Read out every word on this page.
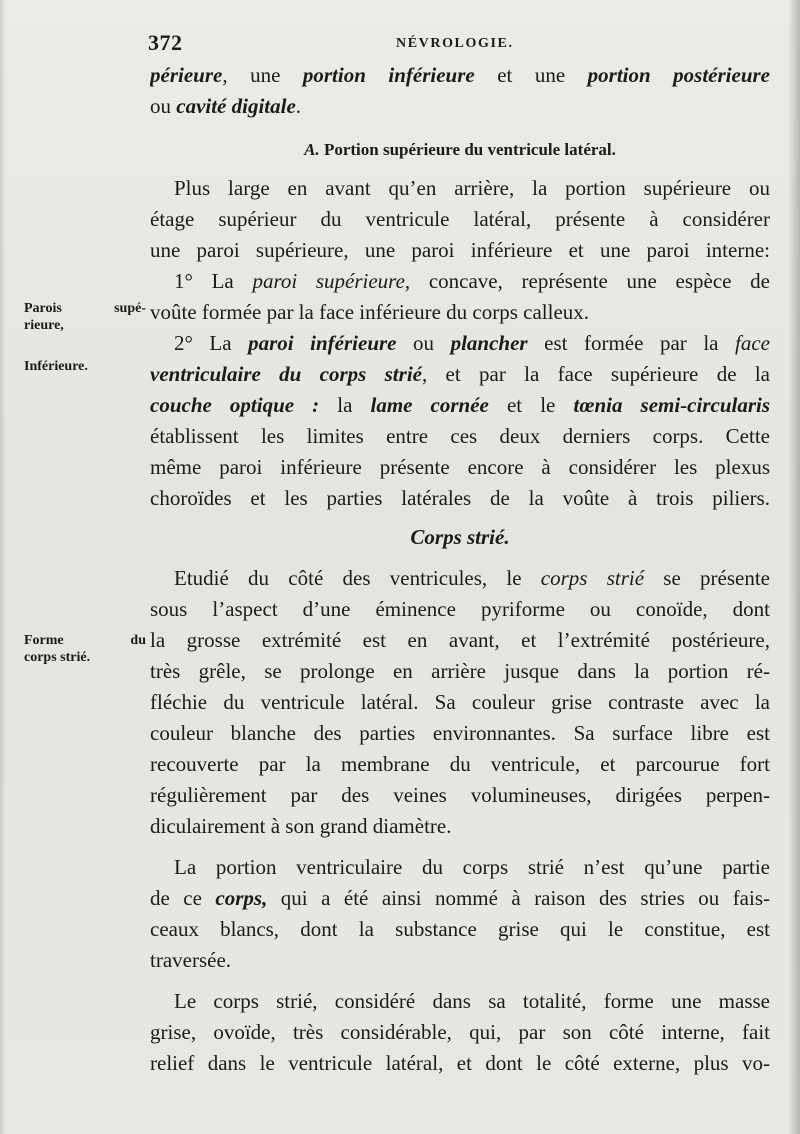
372	NÉVROLOGIE.
Parois supé-
rieure,
Inférieure.
Forme du
corps strié.
périeure, une portion inférieure et une portion postérieure
ou cavité digitale.
A. Portion supérieure du ventricule latéral.
Plus large en avant qu’en arrière, la portion supérieure ou
étage supérieur du ventricule latéral, présente à considérer
une paroi supérieure, une paroi inférieure et une paroi interne:
1° La paroi supérieure, concave, représente une espèce de
voûte formée par la face inférieure du corps calleux.
2° La paroi inférieure ou plancher est formée par la face
ventriculaire du corps strié, et par la face supérieure de la
couche optique : la lame cornée et le tœnia semi-circularis
établissent les limites entre ces deux derniers corps. Cette
même paroi inférieure présente encore à considérer les plexus
choroïdes et les parties latérales de la voûte à trois piliers.
Corps strié.
Etudié du côté des ventricules, le corps strié se présente
sous l’aspect d’une éminence pyriforme ou conoïde, dont
la grosse extrémité est en avant, et l’extrémité postérieure,
très grêle, se prolonge en arrière jusque dans la portion ré-
fléchie du ventricule latéral. Sa couleur grise contraste avec la
couleur blanche des parties environnantes. Sa surface libre est
recouverte par la membrane du ventricule, et parcourue fort
régulièrement par des veines volumineuses, dirigées perpen-
diculairement à son grand diamètre.
La portion ventriculaire du corps strié n’est qu’une partie
de ce corps, qui a été ainsi nommé à raison des stries ou fais-
ceaux blancs, dont la substance grise qui le constitue, est
traversée.
Le corps strié, considéré dans sa totalité, forme une masse
grise, ovoïde, très considérable, qui, par son côté interne, fait
relief dans le ventricule latéral, et dont le côté externe, plus vo-
